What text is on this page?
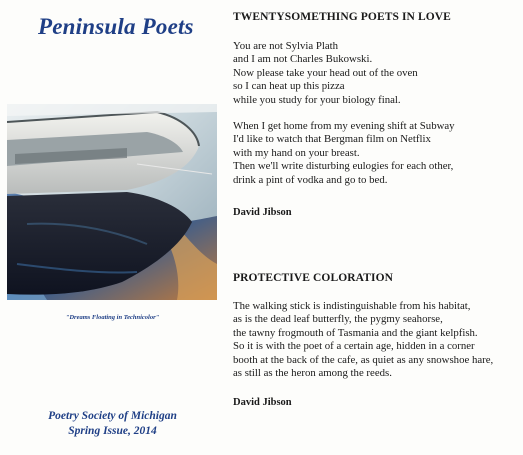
Peninsula Poets
"Dreams Floating in Technicolor"
Poetry Society of Michigan
Spring Issue, 2014
TWENTYSOMETHING POETS IN LOVE
You are not Sylvia Plath
and I am not Charles Bukowski.
Now please take your head out of the oven
so I can heat up this pizza
while you study for your biology final.
When I get home from my evening shift at Subway
I'd like to watch that Bergman film on Netflix
with my hand on your breast.
Then we'll write disturbing eulogies for each other,
drink a pint of vodka and go to bed.
David Jibson
PROTECTIVE COLORATION
The walking stick is indistinguishable from his habitat,
as is the dead leaf butterfly, the pygmy seahorse,
the tawny frogmouth of Tasmania and the giant kelpfish.
So it is with the poet of a certain age, hidden in a corner
booth at the back of the cafe, as quiet as any snowshoe hare,
as still as the heron among the reeds.
David Jibson
